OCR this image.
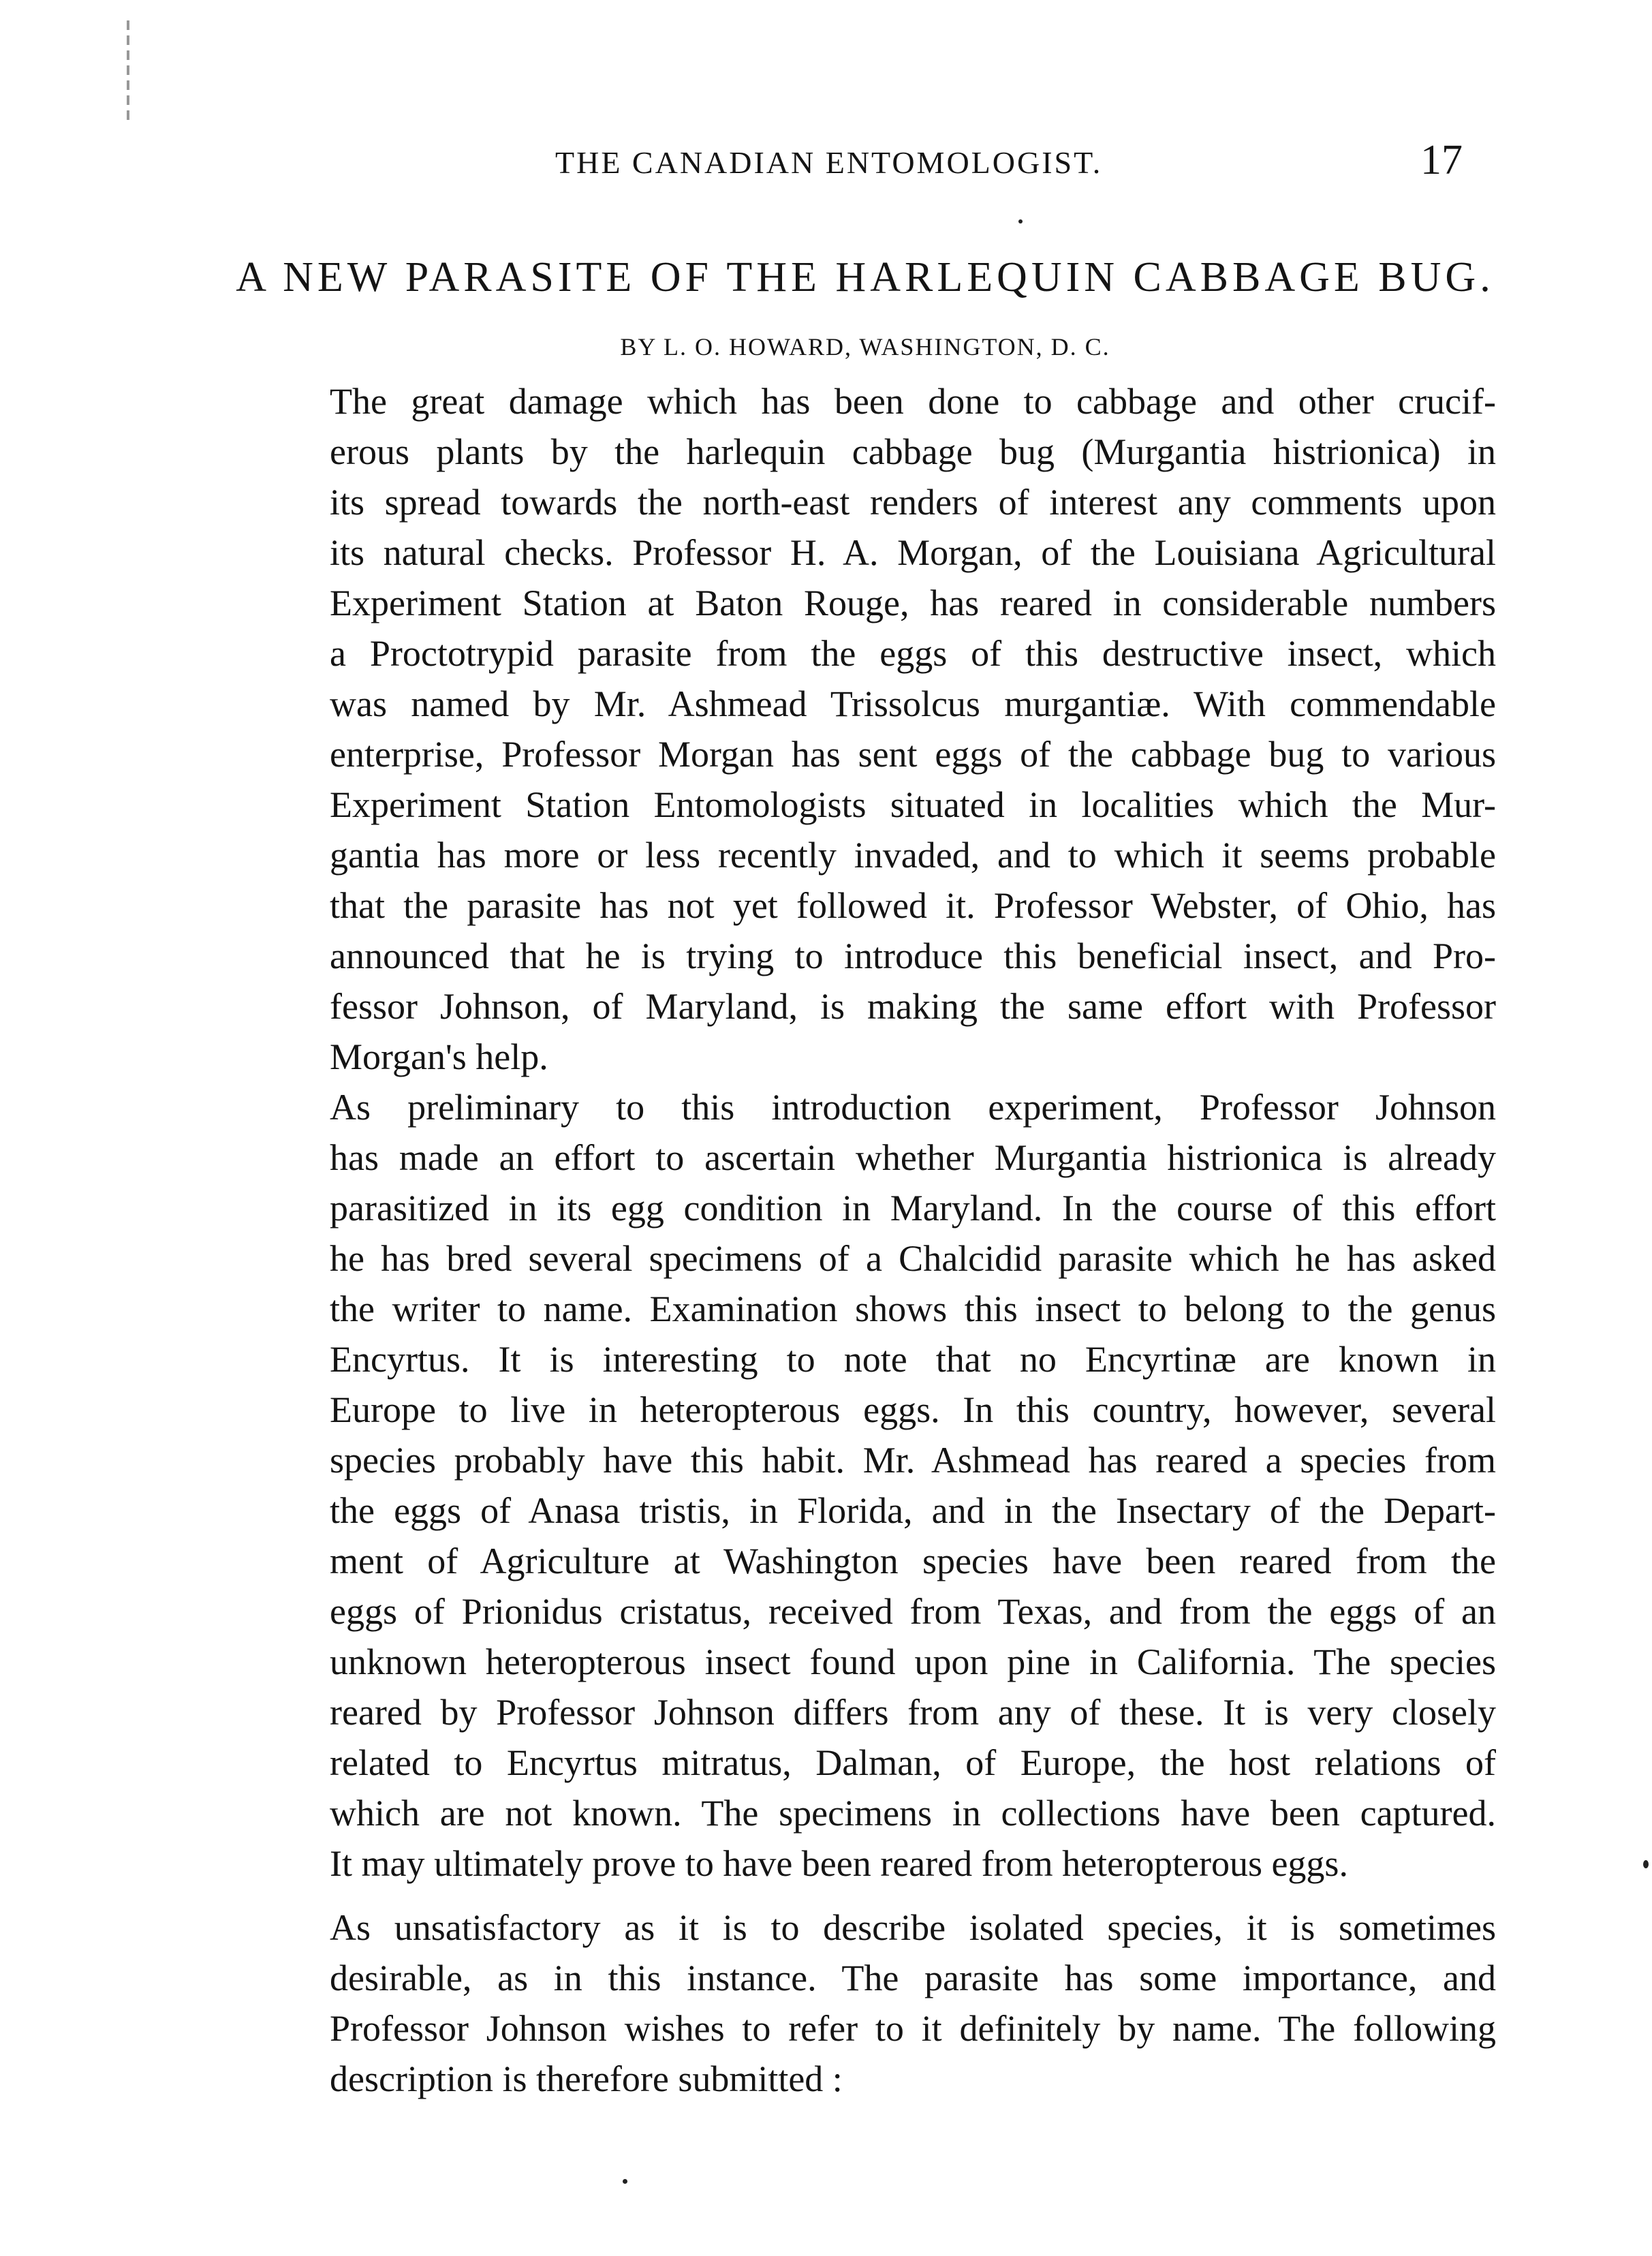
THE CANADIAN ENTOMOLOGIST.	17
A NEW PARASITE OF THE HARLEQUIN CABBAGE BUG.
BY L. O. HOWARD, WASHINGTON, D. C.

The great damage which has been done to cabbage and other crucif-
erous plants by the harlequin cabbage bug (Murgantia histrionica) in
its spread towards the north-east renders of interest any comments upon
its natural checks. Professor H. A. Morgan, of the Louisiana Agricultural
Experiment Station at Baton Rouge, has reared in considerable numbers
a Proctotrypid parasite from the eggs of this destructive insect, which
was named by Mr. Ashmead Trissolcus murgantiæ. With commendable
enterprise, Professor Morgan has sent eggs of the cabbage bug to various
Experiment Station Entomologists situated in localities which the Mur-
gantia has more or less recently invaded, and to which it seems probable
that the parasite has not yet followed it. Professor Webster, of Ohio, has
announced that he is trying to introduce this beneficial insect, and Pro-
fessor Johnson, of Maryland, is making the same effort with Professor
Morgan's help.

As preliminary to this introduction experiment, Professor Johnson
has made an effort to ascertain whether Murgantia histrionica is already
parasitized in its egg condition in Maryland. In the course of this effort
he has bred several specimens of a Chalcidid parasite which he has asked
the writer to name. Examination shows this insect to belong to the genus
Encyrtus. It is interesting to note that no Encyrtinæ are known in
Europe to live in heteropterous eggs. In this country, however, several
species probably have this habit. Mr. Ashmead has reared a species from
the eggs of Anasa tristis, in Florida, and in the Insectary of the Depart-
ment of Agriculture at Washington species have been reared from the
eggs of Prionidus cristatus, received from Texas, and from the eggs of an
unknown heteropterous insect found upon pine in California. The species
reared by Professor Johnson differs from any of these. It is very closely
related to Encyrtus mitratus, Dalman, of Europe, the host relations of
which are not known. The specimens in collections have been captured.
It may ultimately prove to have been reared from heteropterous eggs.

As unsatisfactory as it is to describe isolated species, it is sometimes
desirable, as in this instance. The parasite has some importance, and
Professor Johnson wishes to refer to it definitely by name. The following
description is therefore submitted :
